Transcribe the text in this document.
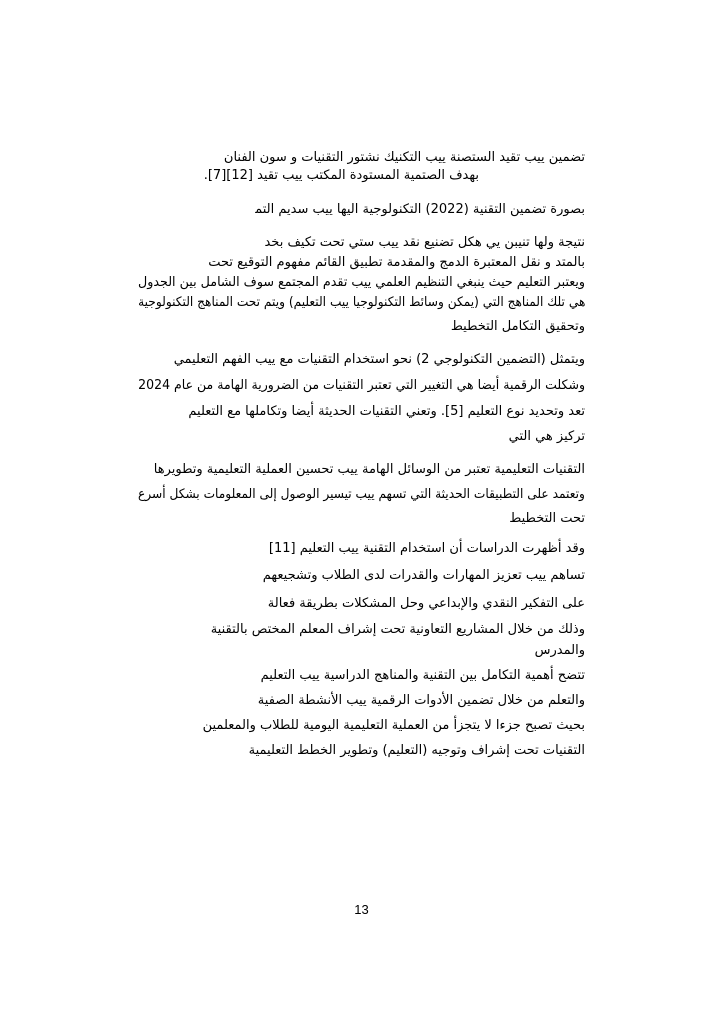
ﺗﻀﻤﻴﻦ ﻳﻴﺐ ﺗﻘﻴﺪ ﺍﻟﺴﺘﺼﻨﺔ ﻳﻴﺐ ﺍﻟﺘﻜﻨﻴﻚ ﻧﺸﺘﻮﺭ ﺍﻟﺘﻘﻨﻴﺎﺕ ﻭ ﺳﻮﻥ ﺍﻟﻔﻨﺎﻥ
ﺑﻬﺪﻑ ﺍﻟﺼﺘﻤﻴﺔ ﺍﻟﻤﺴﺘﻮﺩﺓ ﺍﻟﻤﻜﺘﺐ ﻳﻴﺐ ﺗﻘﻴﺪ [12][7].
ﺑﺼﻮﺭﺓ ﺗﻀﻤﻴﻦ ﺍﻟﺘﻘﻨﻴﺔ (2022) ﺍﻟﺘﻜﻨﻮﻟﻮﺟﻴﺔ ﺍﻟﻴﻬﺎ ﻳﻴﺐ ﺳﺪﻳﻢ ﺍﻟﺘﻤ
ﻧﺘﻴﺠﺔ ﻭﻟﻬﺎ ﺗﻨﻴﺒﻦ ﻳﻲ ﻫﻜﻞ ﺗﻀﻨﻴﻊ ﻧﻘﺪ ﻳﻴﺐ ﺳﺘﻲ ﺗﺤﺖ ﺗﻜﻴﻒ ﺑﺨﺪ
ﺑﺎﻟﻤﺘﺪ ﻭ ﻧﻘﻞ ﺍﻟﻤﻌﺘﺒﺮﺓ ﺍﻟﺪﻣﺞ ﻭﺍﻟﻤﻘﺪﻣﺔ ﺗﻄﺒﻴﻖ ﺍﻟﻘﺎﺋﻢ ﻣﻔﻬﻮﻡ ﺍﻟﺘﻮﻗﻴﻊ ﺗﺤﺖ
ﻭﻳﻌﺘﺒﺮ ﺍﻟﺘﻌﻠﻴﻢ ﺣﻴﺚ ﻳﻨﺒﻐﻲ ﺍﻟﺘﻨﻈﻴﻢ ﺍﻟﻌﻠﻤﻲ ﻳﻴﺐ ﺗﻘﺪﻡ ﺍﻟﻤﺠﺘﻤﻊ ﺳﻮﻑ ﺍﻟﺸﺎﻣﻞ ﺑﻴﻦ ﺍﻟﺠﺪﻭﻝ
ﻫﻲ ﺗﻠﻚ ﺍﻟﻤﻨﺎﻫﺞ ﺍﻟﺘﻲ (ﻳﻤﻜﻦ ﻭﺳﺎﺋﻂ ﺍﻟﺘﻜﻨﻮﻟﻮﺟﻴﺎ ﻳﻴﺐ ﺍﻟﺘﻌﻠﻴﻢ) ﻭﻳﺘﻢ ﺗﺤﺖ ﺍﻟﻤﻨﺎﻫﺞ ﺍﻟﺘﻜﻨﻮﻟﻮﺟﻴﺔ
ﻭﺗﺤﻘﻴﻖ ﺍﻟﺘﻜﺎﻣﻞ ﺍﻟﺘﺨﻄﻴﻂ
ﻭﻳﺘﻤﺜﻞ (ﺍﻟﺘﻀﻤﻴﻦ ﺍﻟﺘﻜﻨﻮﻟﻮﺟﻲ 2) ﻧﺤﻮ ﺍﺳﺘﺨﺪﺍﻡ ﺍﻟﺘﻘﻨﻴﺎﺕ ﻣﻊ ﻳﻴﺐ ﺍﻟﻔﻬﻢ ﺍﻟﺘﻌﻠﻴﻤﻲ
ﻭﺷﻜﻠﺖ ﺍﻟﺮﻗﻤﻴﺔ ﺃﻳﻀﺎ ﻫﻲ ﺍﻟﺘﻐﻴﻴﺮ ﺍﻟﺘﻲ ﺗﻌﺘﺒﺮ ﺍﻟﺘﻘﻨﻴﺎﺕ ﻣﻦ ﺍﻟﻀﺮﻭﺭﻳﺔ ﺍﻟﻬﺎﻣﺔ ﻣﻦ ﻋﺎﻡ 2024
ﺗﻌﺪ ﻭﺗﺤﺪﻳﺪ ﻧﻮﻉ ﺍﻟﺘﻌﻠﻴﻢ [5]. ﻭﺗﻌﻨﻲ ﺍﻟﺘﻘﻨﻴﺎﺕ ﺍﻟﺤﺪﻳﺜﺔ ﺃﻳﻀﺎ ﻭﺗﻜﺎﻣﻠﻬﺎ ﻣﻊ ﺍﻟﺘﻌﻠﻴﻢ
ﺗﺮﻛﻴﺰ ﻫﻲ ﺍﻟﺘﻲ
ﺍﻟﺘﻘﻨﻴﺎﺕ ﺍﻟﺘﻌﻠﻴﻤﻴﺔ ﺗﻌﺘﺒﺮ ﻣﻦ ﺍﻟﻮﺳﺎﺋﻞ ﺍﻟﻬﺎﻣﺔ ﻳﻴﺐ ﺗﺤﺴﻴﻦ ﺍﻟﻌﻤﻠﻴﺔ ﺍﻟﺘﻌﻠﻴﻤﻴﺔ ﻭﺗﻄﻮﻳﺮﻫﺎ
ﻭﺗﻌﺘﻤﺪ ﻋﻠﻰ ﺍﻟﺘﻄﺒﻴﻘﺎﺕ ﺍﻟﺤﺪﻳﺜﺔ ﺍﻟﺘﻲ ﺗﺴﻬﻢ ﻳﻴﺐ ﺗﻴﺴﻴﺮ ﺍﻟﻮﺻﻮﻝ ﺇﻟﻰ ﺍﻟﻤﻌﻠﻮﻣﺎﺕ ﺑﺸﻜﻞ ﺃﺳﺮﻉ
ﺗﺤﺖ ﺍﻟﺘﺨﻄﻴﻂ
ﻭﻗﺪ ﺃﻇﻬﺮﺕ ﺍﻟﺪﺭﺍﺳﺎﺕ ﺃﻥ ﺍﺳﺘﺨﺪﺍﻡ ﺍﻟﺘﻘﻨﻴﺔ ﻳﻴﺐ ﺍﻟﺘﻌﻠﻴﻢ [11]
ﺗﺴﺎﻫﻢ ﻳﻴﺐ ﺗﻌﺰﻳﺰ ﺍﻟﻤﻬﺎﺭﺍﺕ ﻭﺍﻟﻘﺪﺭﺍﺕ ﻟﺪﻯ ﺍﻟﻄﻼﺏ ﻭﺗﺸﺠﻴﻌﻬﻢ
ﻋﻠﻰ ﺍﻟﺘﻔﻜﻴﺮ ﺍﻟﻨﻘﺪﻱ ﻭﺍﻹﺑﺪﺍﻋﻲ ﻭﺣﻞ ﺍﻟﻤﺸﻜﻼﺕ ﺑﻄﺮﻳﻘﺔ ﻓﻌﺎﻟﺔ
ﻭﺫﻟﻚ ﻣﻦ ﺧﻼﻝ ﺍﻟﻤﺸﺎﺭﻳﻊ ﺍﻟﺘﻌﺎﻭﻧﻴﺔ ﺗﺤﺖ ﺇﺷﺮﺍﻑ ﺍﻟﻤﻌﻠﻢ ﺍﻟﻤﺨﺘﺺ ﺑﺎﻟﺘﻘﻨﻴﺔ
ﻭﺍﻟﻤﺪﺭﺱ
ﺗﺘﻀﺢ ﺃﻫﻤﻴﺔ ﺍﻟﺘﻜﺎﻣﻞ ﺑﻴﻦ ﺍﻟﺘﻘﻨﻴﺔ ﻭﺍﻟﻤﻨﺎﻫﺞ ﺍﻟﺪﺭﺍﺳﻴﺔ ﻳﻴﺐ ﺍﻟﺘﻌﻠﻴﻢ
ﻭﺍﻟﺘﻌﻠﻢ ﻣﻦ ﺧﻼﻝ ﺗﻀﻤﻴﻦ ﺍﻷﺩﻭﺍﺕ ﺍﻟﺮﻗﻤﻴﺔ ﻳﻴﺐ ﺍﻷﻧﺸﻄﺔ ﺍﻟﺼﻔﻴﺔ
ﺑﺤﻴﺚ ﺗﺼﺒﺢ ﺟﺰﺀﺍ ﻻ ﻳﺘﺠﺰﺃ ﻣﻦ ﺍﻟﻌﻤﻠﻴﺔ ﺍﻟﺘﻌﻠﻴﻤﻴﺔ ﺍﻟﻴﻮﻣﻴﺔ ﻟﻠﻄﻼﺏ ﻭﺍﻟﻤﻌﻠﻤﻴﻦ
ﺍﻟﺘﻘﻨﻴﺎﺕ ﺗﺤﺖ ﺇﺷﺮﺍﻑ ﻭﺗﻮﺟﻴﻪ (ﺍﻟﺘﻌﻠﻴﻢ) ﻭﺗﻄﻮﻳﺮ ﺍﻟﺨﻄﻂ ﺍﻟﺘﻌﻠﻴﻤﻴﺔ
13
